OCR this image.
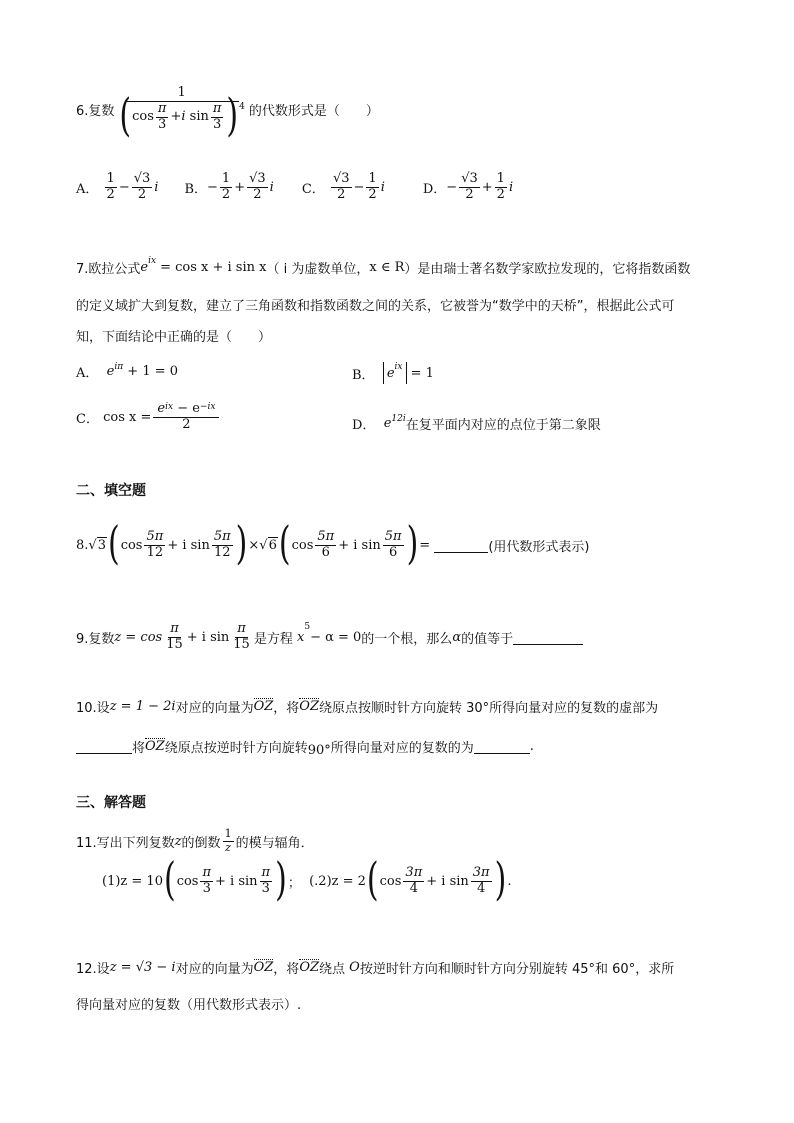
6.复数 1
( $\cos \frac{\pi}{3} + i$
$\sin \frac{\pi}{3} )^4$ 的代数形式是（　　）
A．
$\frac{1}{2} - \frac{√3}{2}$ i B． − $\frac{1}{2} + \frac{√3}{2}$ i C．
$\frac{√3}{2} - \frac{1}{2}$ i	D． − $\frac{√3}{2} + \frac{1}{2}$ i
7.欧拉公式 $e^{ix} = \cos x + i$ sin x （ i 为虚数单位， x ∈ R ）是由瑞士著名数学家欧拉发现的，它将指数函数
的定义域扩大到复数，建立了三角函数和指数函数之间的关系，它被誉为“数学中的天桥”，根据此公式可
知，下面结论中正确的是（　　）
A．
$e^{i\pi}$
+ 1 = 0	B．
$e^{ix}$
= 1
C．
cos x = e ix
− e −ix
2	D．
$e^{12i}$ 在复平面内对应的点位于第二象限
二、填空题
8. √ 3 ( $\cos \frac{5\pi}{12} + i$ $\sin \frac{5\pi}{12}$ ) × √ 6 ( $\cos \frac{5\pi}{6} + i$ $\sin \frac{5\pi}{6}$ ) =
	(用代数形式表示)
9.复数 $z = \cos \frac{\pi}{15} + i$ $\sin \frac{\pi}{15}$ 是方程
x
$^5$
− α = 0 的一个根，那么 α 的值等于
10.设 z = 1 − 2i 对应的向量为 OZ ，将 OZ 绕原点按顺时针方向旋转 30°所得向量对应的复数的虚部为
将 OZ 绕原点按逆时针方向旋转 90° 所得向量对应的复数的为	.
三、解答题
11.写出下列复数 z 的倒数 $\frac{1}{z}$ 的模与辐角．
(1)z = 10 ( $\cos \frac{\pi}{3} + i$ $\sin \frac{\pi}{3}$ ) ；
(.2)z = 2 ( $\cos \frac{3\pi}{4} + i$ $\sin \frac{3\pi}{4}$ ) .
12.设 z = √3 − i 对应的向量为 OZ ，将 OZ 绕点
O 按逆时针方向和顺时针方向分别旋转 45°和 60°，求所
得向量对应的复数（用代数形式表示）.
